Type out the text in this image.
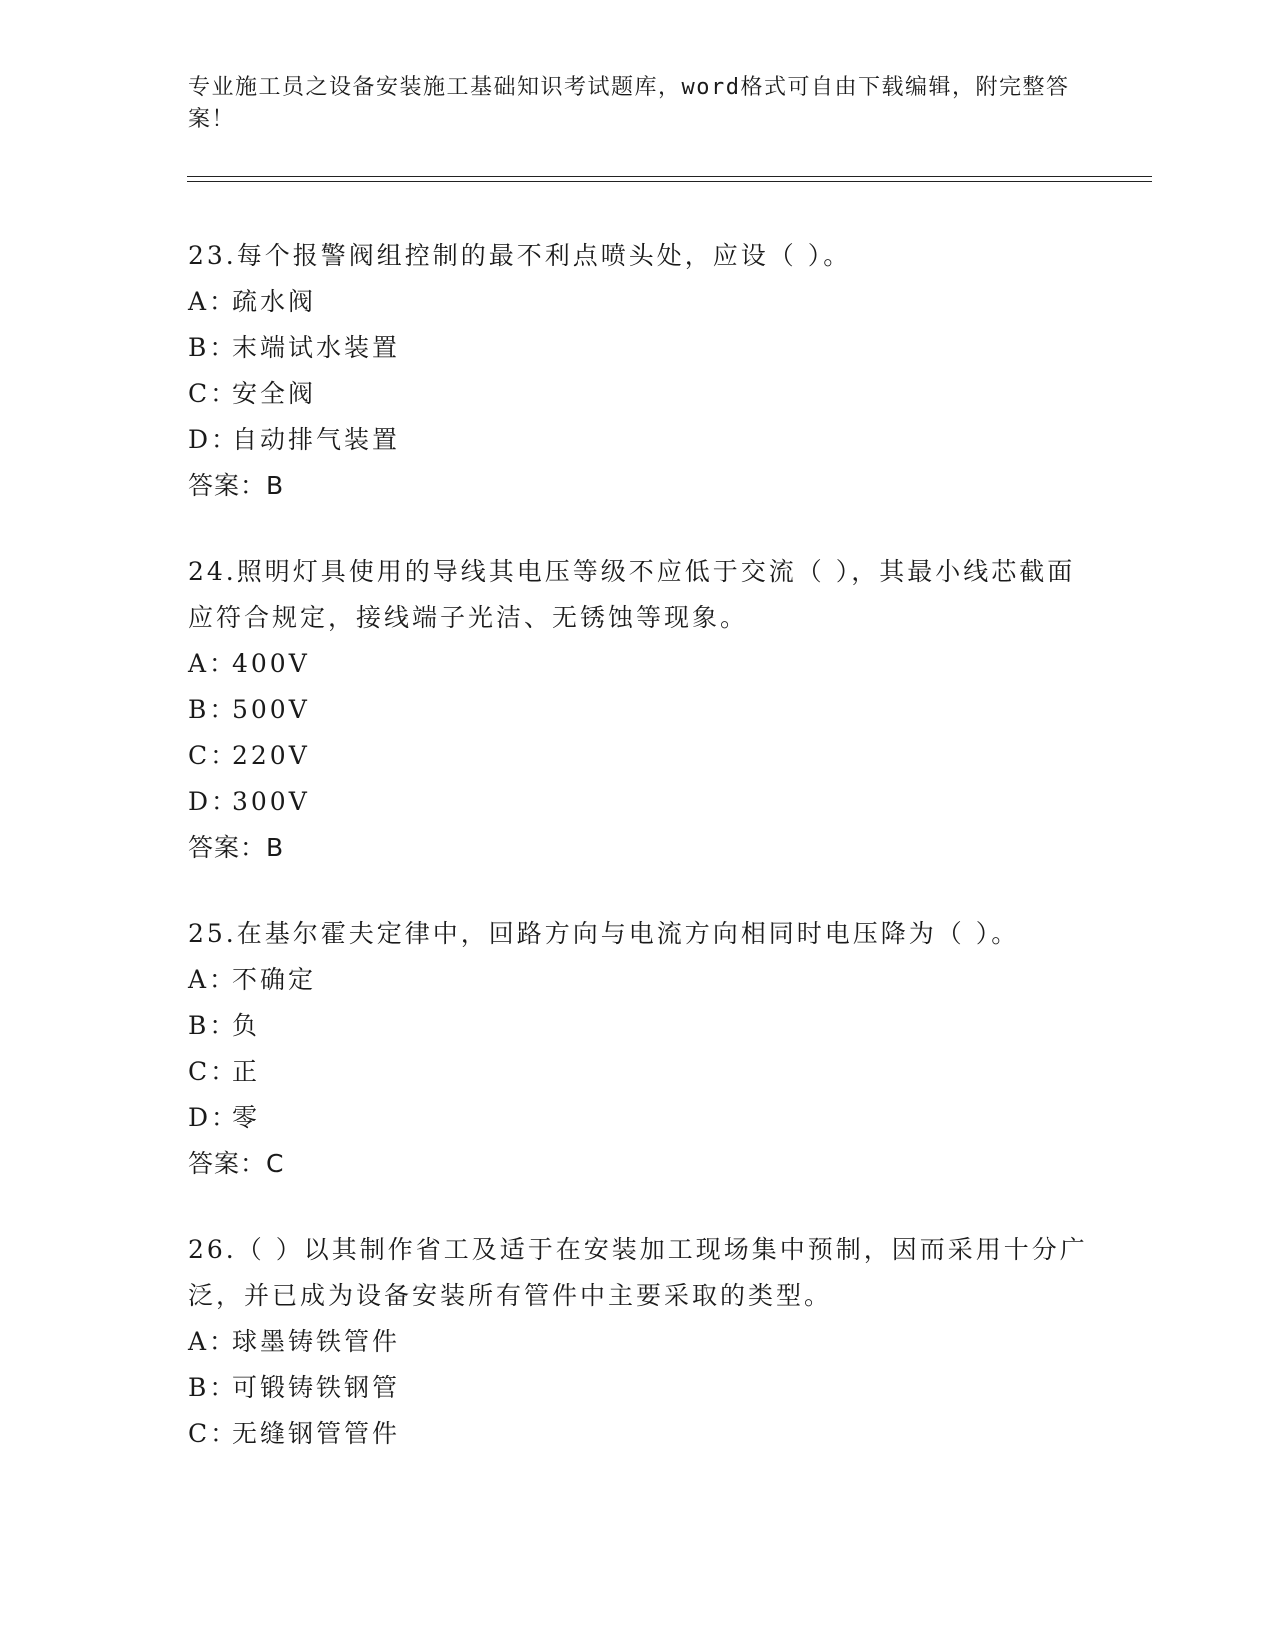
专业施工员之设备安装施工基础知识考试题库，word格式可自由下载编辑，附完整答案！

23.每个报警阀组控制的最不利点喷头处，应设（ ）。

A：疏水阀

B：末端试水装置

C：安全阀

D：自动排气装置

答案：B

24.照明灯具使用的导线其电压等级不应低于交流（ ），其最小线芯截面应符合规定，接线端子光洁、无锈蚀等现象。

A：400V

B：500V

C：220V

D：300V

答案：B

25.在基尔霍夫定律中，回路方向与电流方向相同时电压降为（ ）。

A：不确定

B：负

C：正

D：零

答案：C

26.（ ）以其制作省工及适于在安装加工现场集中预制，因而采用十分广泛，并已成为设备安装所有管件中主要采取的类型。

A：球墨铸铁管件

B：可锻铸铁钢管

C：无缝钢管管件
